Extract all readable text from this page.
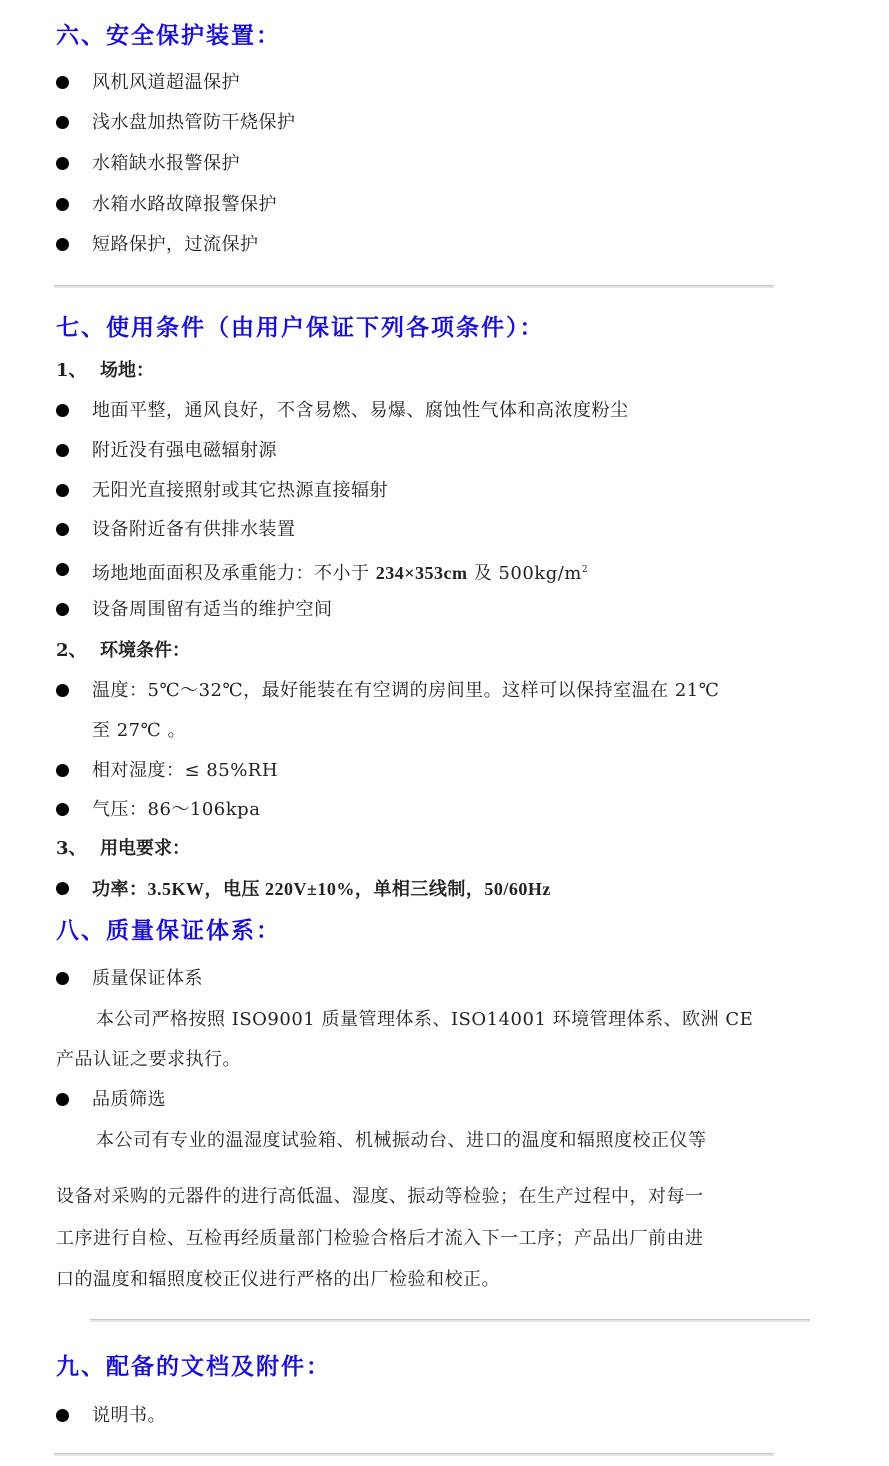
六、安全保护装置：
风机风道超温保护
浅水盘加热管防干烧保护
水箱缺水报警保护
水箱水路故障报警保护
短路保护，过流保护
七、使用条件（由用户保证下列各项条件）：
1、 场地：
地面平整，通风良好，不含易燃、易爆、腐蚀性气体和高浓度粉尘
附近没有强电磁辐射源
无阳光直接照射或其它热源直接辐射
设备附近备有供排水装置
场地地面面积及承重能力：不小于 234×353cm 及 $500kg/m^2$
设备周围留有适当的维护空间
2、 环境条件：
温度：5℃～32℃，最好能装在有空调的房间里。这样可以保持室温在 21℃
至 27℃ 。
相对湿度：≤ 85%RH
气压：86～106kpa
3、 用电要求：
功率：3.5KW，电压 220V±10%，单相三线制，50/60Hz
八、质量保证体系：
质量保证体系
本公司严格按照 ISO9001 质量管理体系、ISO14001 环境管理体系、欧洲 CE
产品认证之要求执行。
品质筛选
本公司有专业的温湿度试验箱、机械振动台、进口的温度和辐照度校正仪等
设备对采购的元器件的进行高低温、湿度、振动等检验；在生产过程中，对每一
工序进行自检、互检再经质量部门检验合格后才流入下一工序；产品出厂前由进
口的温度和辐照度校正仪进行严格的出厂检验和校正。
九、配备的文档及附件：
说明书。
